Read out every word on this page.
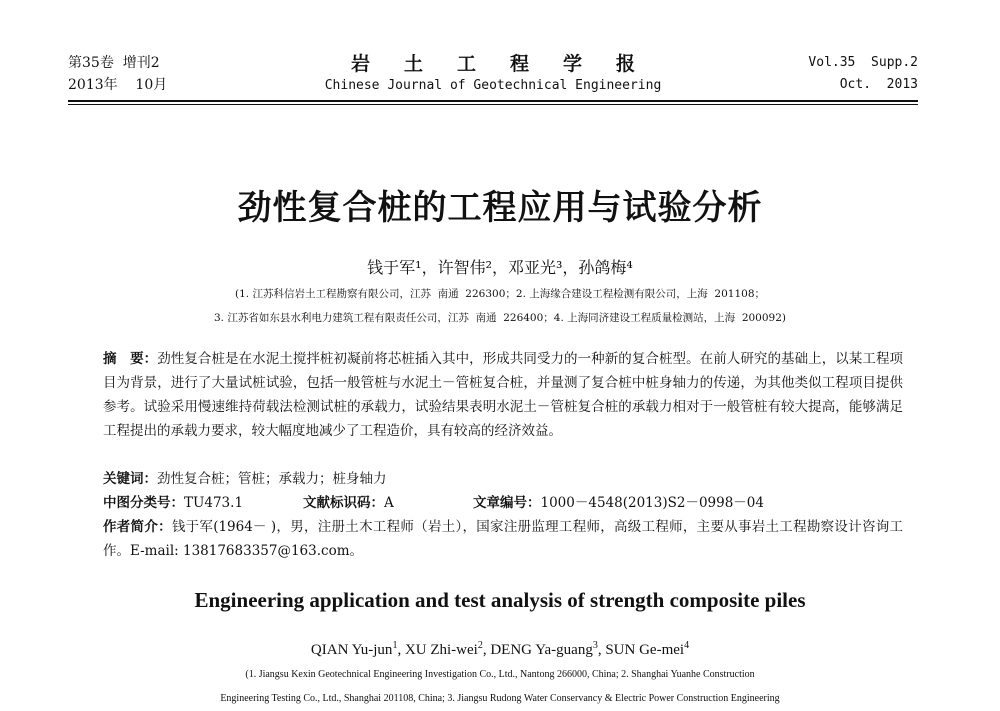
第35卷  增刊2
2013年    10月
岩土工程学报
Chinese Journal of Geotechnical Engineering
Vol.35  Supp.2
Oct.  2013
劲性复合桩的工程应用与试验分析
钱于军¹，许智伟²，邓亚光³，孙鸽梅⁴
(1. 江苏科信岩土工程勘察有限公司，江苏  南通  226300；2. 上海缘合建设工程检测有限公司，上海  201108；
3. 江苏省如东县水利电力建筑工程有限责任公司，江苏  南通  226400；4. 上海同济建设工程质量检测站，上海  200092)
摘　要：劲性复合桩是在水泥土搅拌桩初凝前将芯桩插入其中，形成共同受力的一种新的复合桩型。在前人研究的基础上，以某工程项目为背景，进行了大量试桩试验，包括一般管桩与水泥土－管桩复合桩，并量测了复合桩中桩身轴力的传递，为其他类似工程项目提供参考。试验采用慢速维持荷载法检测试桩的承载力，试验结果表明水泥土－管桩复合桩的承载力相对于一般管桩有较大提高，能够满足工程提出的承载力要求，较大幅度地减少了工程造价，具有较高的经济效益。
关键词：劲性复合桩；管桩；承载力；桩身轴力
中图分类号：TU473.1	文献标识码：A	文章编号：1000－4548(2013)S2－0998－04
作者简介：钱于军(1964－ )，男，注册土木工程师（岩土），国家注册监理工程师，高级工程师，主要从事岩土工程勘察设计咨询工作。E-mail: 13817683357@163.com。
Engineering application and test analysis of strength composite piles
QIAN Yu-jun$^1$, XU Zhi-wei$^2$, DENG Ya-guang$^3$, SUN Ge-mei$^4$
(1. Jiangsu Kexin Geotechnical Engineering Investigation Co., Ltd., Nantong 266000, China; 2. Shanghai Yuanhe Construction
Engineering Testing Co., Ltd., Shanghai 201108, China; 3. Jiangsu Rudong Water Conservancy & Electric Power Construction Engineering
